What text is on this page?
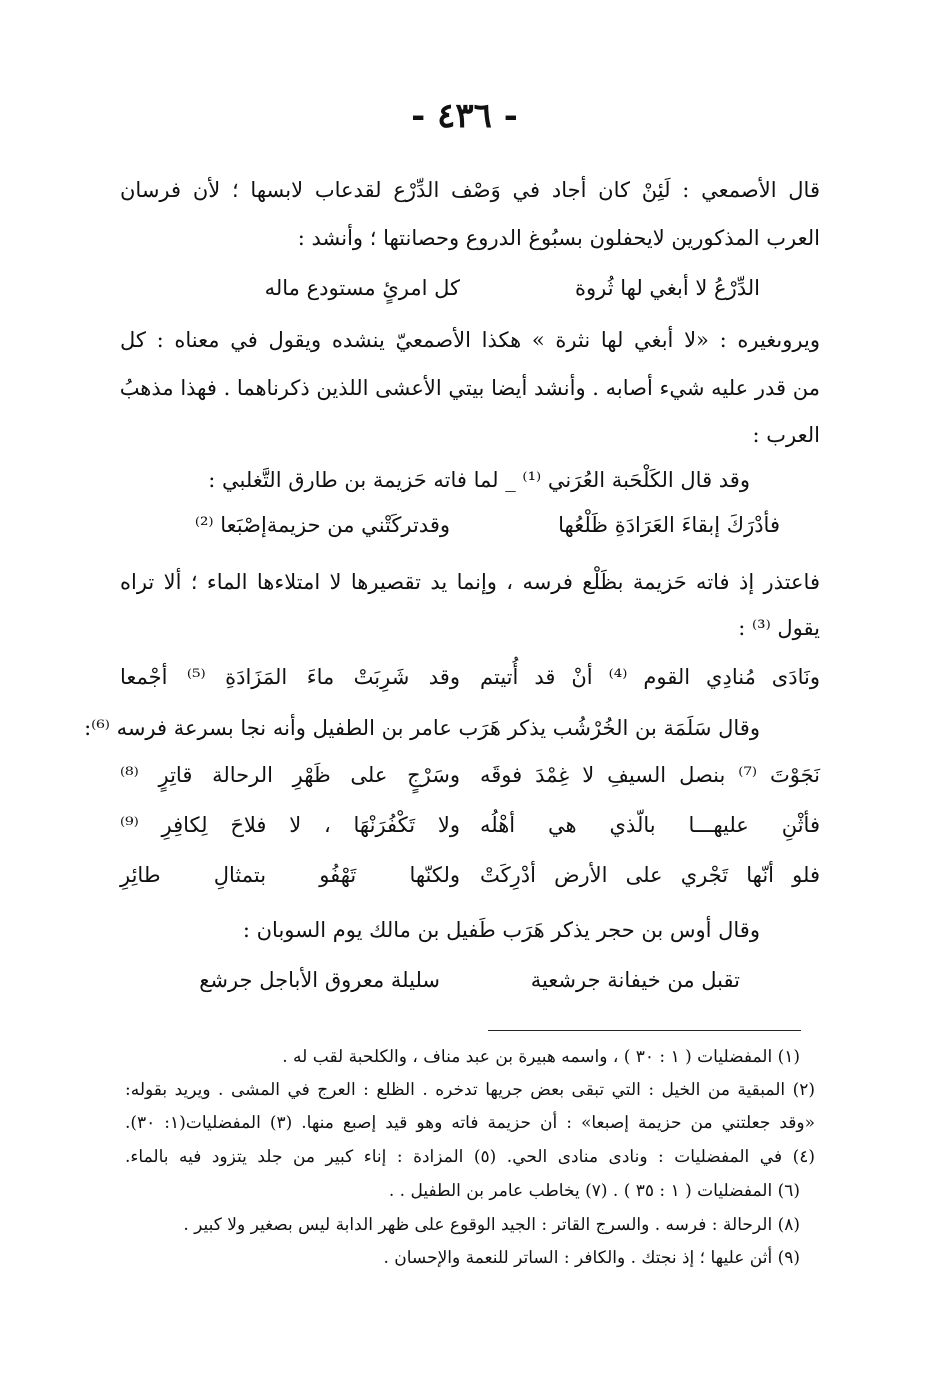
- ٤٣٦ -
قال الأصمعي : لَئِنْ كان أجاد في وَصْف الدِّرْع لقدعاب لابسها ؛ لأن فرسان
العرب المذكورين لايحفلون بسبُوغ الدروع وحصانتها ؛ وأنشد :
الدِّرْعُ لا أبغي لها ثُروة
كل امرئٍ مستودع ماله
ويروىغيره : «لا أبغي لها نثرة » هكذا الأصمعيّ ينشده ويقول في معناه : كل
من قدر عليه شيء أصابه . وأنشد أيضا بيتي الأعشى اللذين ذكرناهما . فهذا مذهبُ
العرب :
وقد قال الكَلْحَبة العُرَني ⁽¹⁾ _ لما فاته حَزيمة بن طارق التَّغلبي :
فأدْرَكَ إبقاءَ العَرَادَةِ ظَلْعُها
وقدتركَتْني من حزيمةإصْبَعا ⁽²⁾
فاعتذر إذ فاته حَزيمة بظَلْع فرسه ، وإنما يد تقصيرها لا امتلاءها الماء ؛ ألا تراه
يقول ⁽³⁾ :
ونَادَى مُنادِي القوم ⁽⁴⁾ أنْ قد أُتيتم
وقد شَرِبَتْ ماءَ المَزَادَةِ ⁽⁵⁾ أجْمعا
وقال سَلَمَة بن الخُرْشُب يذكر هَرَب عامر بن الطفيل وأنه نجا بسرعة فرسه ⁽⁶⁾:
نَجَوْتَ ⁽⁷⁾ بنصل السيفِ لا غِمْدَ فوقَه
وسَرْجٍ على ظَهْرِ الرحالة قاتِرٍ ⁽⁸⁾
فأثْنِ عليهـــا بالّذي هي أهْلُه
ولا تَكْفُرَنْهَا ، لا فلاحَ لِكافِرِ ⁽⁹⁾
فلو أنّها تَجْري على الأرض أدْرِكَتْ
ولكنّها تَهْفُو بتمثالِ طائِرِ
وقال أوس بن حجر يذكر هَرَب طَفيل بن مالك يوم السوبان :
تقبل من خيفانة جرشعية
سليلة معروق الأباجل جرشع
(١) المفضليات ( ١ : ٣٠ ) ، واسمه هبيرة بن عبد مناف ، والكلحبة لقب له .
(٢) المبقية من الخيل : التي تبقى بعض جريها تدخره . الظلع : العرج في المشى . ويريد بقوله:
«وقد جعلتني من حزيمة إصبعا» : أن حزيمة فاته وهو قيد إصبع منها. (٣) المفضليات(١: ٣٠).
(٤) في المفضليات : ونادى منادى الحي. (٥) المزادة : إناء كبير من جلد يتزود فيه بالماء.
(٦) المفضليات ( ١ : ٣٥ ) . (٧) يخاطب عامر بن الطفيل . .
(٨) الرحالة : فرسه . والسرج القاتر : الجيد الوقوع على ظهر الدابة ليس بصغير ولا كبير .
(٩) أثن عليها ؛ إذ نجتك . والكافر : الساتر للنعمة والإحسان .
